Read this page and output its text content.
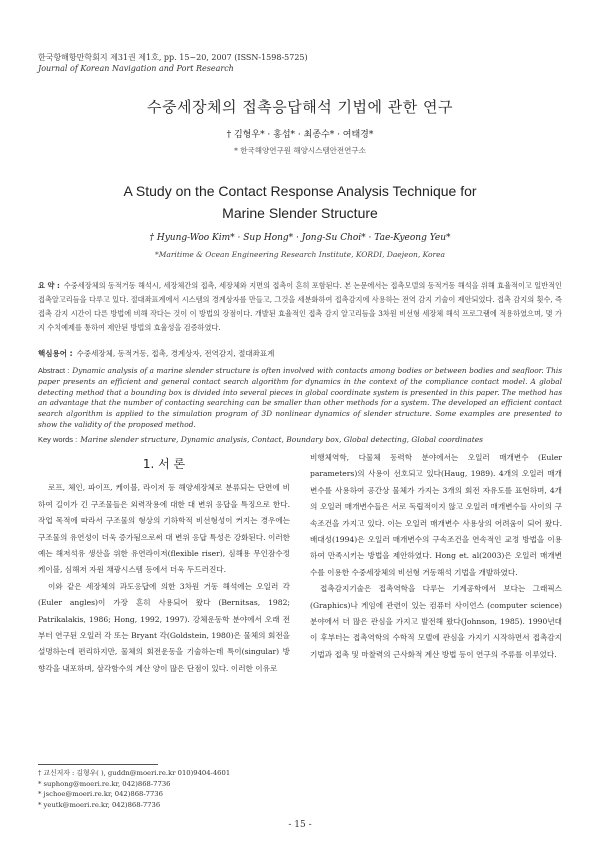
한국항해항만학회지 제31권 제1호, pp. 15~20, 2007 (ISSN-1598-5725)
Journal of Korean Navigation and Port Research
수중세장체의 접촉응답해석 기법에 관한 연구
† 김형우* · 홍섭* · 최종수* · 여태경*
* 한국해양연구원 해양시스템안전연구소
A Study on the Contact Response Analysis Technique for
Marine Slender Structure
† Hyung-Woo Kim* · Sup Hong* · Jong-Su Choi* · Tae-Kyeong Yeu*
*Maritime & Ocean Engineering Research Institute, KORDI, Daejeon, Korea
요 약 : 수중세장체의 동적거동 해석시, 세장체간의 접촉, 세장체와 지면의 접촉이 흔히 포함된다. 본 논문에서는 접촉모델의 동적거동 해석을 위해 효율적이고 일반적인 접촉알고리듬을 다루고 있다. 절대좌표계에서 시스템의 경계상자를 만들고, 그것을 세분화하여 접촉감지에 사용하는 전역 감지 기술이 제안되었다. 접촉 감지의 횟수, 즉 접촉 감지 시간이 다른 방법에 비해 작다는 것이 이 방법의 장점이다. 개발된 효율적인 접촉 감지 알고리듬을 3차원 비선형 세장체 해석 프로그램에 적용하였으며, 몇 가지 수치예제를 통하여 제안된 방법의 효율성을 검증하였다.
핵심용어 : 수중세장체, 동적거동, 접촉, 경계상자, 전역감지, 절대좌표계
Abstract : Dynamic analysis of a marine slender structure is often involved with contacts among bodies or between bodies and seafloor. This paper presents an efficient and general contact search algorithm for dynamics in the context of the compliance contact model. A global detecting method that a bounding box is divided into several pieces in global coordinate system is presented in this paper. The method has an advantage that the number of contacting searching can be smaller than other methods for a system. The developed an efficient contact search algorithm is applied to the simulation program of 3D nonlinear dynamics of slender structure. Some examples are presented to show the validity of the proposed method.
Key words : Marine slender structure, Dynamic analysis, Contact, Boundary box, Global detecting, Global coordinates
1. 서 론

로프, 체인, 파이프, 케이블, 라이저 등 해양세장체로 분류되는 단면에 비하여 길이가 긴 구조물들은 외력작용에 대한 대 변위 응답을 특징으로 한다. 작업 목적에 따라서 구조물의 형상의 기하학적 비선형성이 커지는 경우에는 구조물의 유연성이 더욱 증가됨으로써 대 변위 응답 특성은 강화된다. 이러한 예는 해저석유 생산을 위한 유연라이저(flexible riser), 심해용 무인잠수정 케이블, 심해저 자원 채광시스템 등에서 더욱 두드러진다.

이와 같은 세장체의 과도응답에 의한 3차원 거동 해석에는 오일러 각(Euler angles)이 가장 흔히 사용되어 왔다 (Bernitsas, 1982; Patrikalakis, 1986; Hong, 1992, 1997). 강체운동학 분야에서 오래 전부터 연구된 오일러 각 또는 Bryant 각(Goldstein, 1980)은 물체의 회전을 설명하는데 편리하지만, 물체의 회전운동을 기술하는데 특이(singular) 방향각을 내포하며, 삼각함수의 계산 양이 많은 단점이 있다. 이러한 이유로

비행체역학, 다물체 동력학 분야에서는 오일러 매개변수 (Euler parameters)의 사용이 선호되고 있다(Haug, 1989). 4개의 오일러 매개변수를 사용하여 공간상 물체가 가지는 3개의 회전 자유도를 표현하며, 4개의 오일러 매개변수들은 서로 독립적이지 않고 오일러 매개변수들 사이의 구속조건을 가지고 있다. 이는 오일러 매개변수 사용상의 어려움이 되어 왔다. 배대성(1994)은 오일러 매개변수의 구속조건을 연속적인 교정 방법을 이용하여 만족시키는 방법을 제안하였다. Hong et. al(2003)은 오일러 매개변수를 이용한 수중세장체의 비선형 거동해석 기법을 개발하였다.

접촉감지기술은 접촉역학을 다루는 기계공학에서 보다는 그래픽스(Graphics)나 게임에 관련이 있는 컴퓨터 사이언스 (computer science)분야에서 더 많은 관심을 가지고 발전해 왔다(Johnson, 1985). 1990년대 이 후부터는 접촉역학의 수학적 모델에 관심을 가지기 시작하면서 접촉감지기법과 접촉 및 마찰력의 근사화적 계산 방법 등이 연구의 주류를 이루었다.

† 교신저자 : 김형우( ), guddn@moeri.re.kr 010)9404-4601
* suphong@moeri.re.kr, 042)868-7736
* jschoe@moeri.re.kr, 042)868-7736
* yeutk@moeri.re.kr, 042)868-7736
- 15 -
